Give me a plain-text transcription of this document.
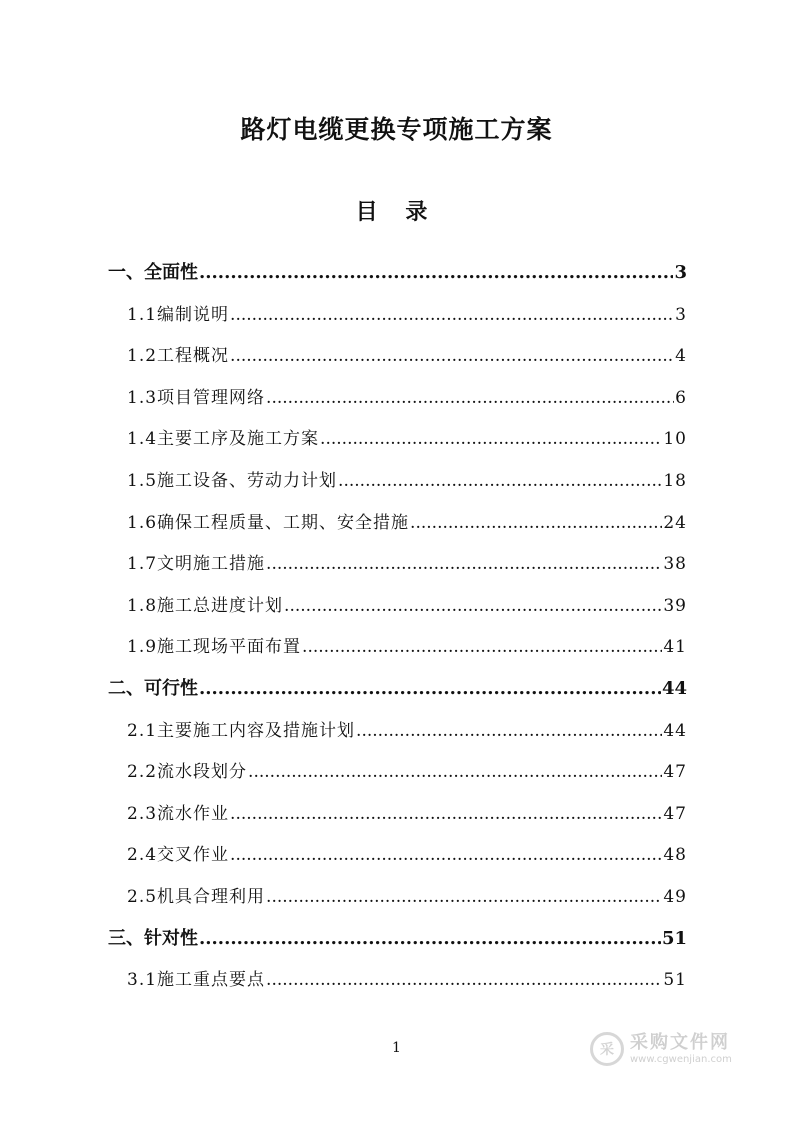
路灯电缆更换专项施工方案
目 录
一、全面性 .....	3
1.1编制说明 .....	3
1.2工程概况 .....	4
1.3项目管理网络 .....	6
1.4主要工序及施工方案 .....	10
1.5施工设备、劳动力计划 .....	18
1.6确保工程质量、工期、安全措施 .....	24
1.7文明施工措施 .....	38
1.8施工总进度计划 .....	39
1.9施工现场平面布置 .....	41
二、可行性 .....	44
2.1主要施工内容及措施计划 .....	44
2.2流水段划分 .....	47
2.3流水作业 .....	47
2.4交叉作业 .....	48
2.5机具合理利用 .....	49
三、针对性 .....	51
3.1施工重点要点 .....	51
1	采 采购文件网
www.cgwenjian.com
